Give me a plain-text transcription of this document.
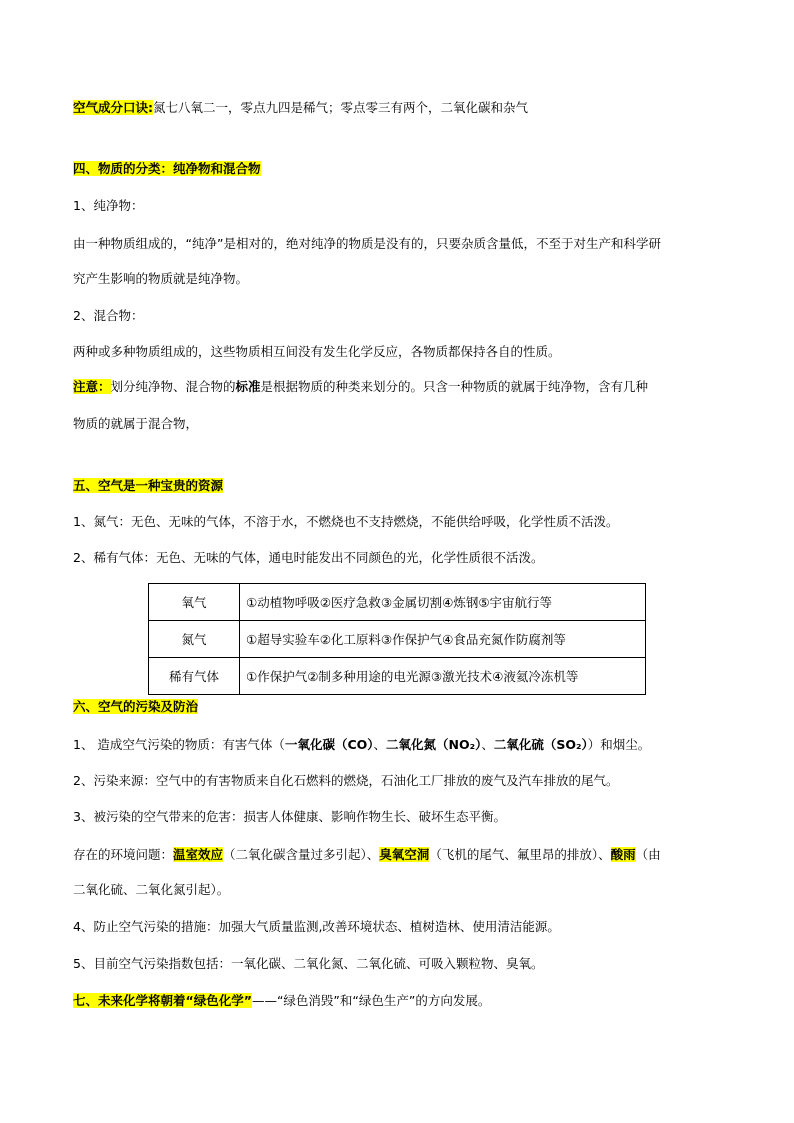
空气成分口诀:氮七八氧二一，零点九四是稀气；零点零三有两个，二氧化碳和杂气
四、物质的分类：纯净物和混合物
1、纯净物：
由一种物质组成的，“纯净”是相对的，绝对纯净的物质是没有的，只要杂质含量低，不至于对生产和科学研
究产生影响的物质就是纯净物。
2、混合物：
两种或多种物质组成的，这些物质相互间没有发生化学反应，各物质都保持各自的性质。
注意：划分纯净物、混合物的标准是根据物质的种类来划分的。只含一种物质的就属于纯净物，含有几种
物质的就属于混合物，
五、空气是一种宝贵的资源
1、氮气：无色、无味的气体，不溶于水，不燃烧也不支持燃烧，不能供给呼吸，化学性质不活泼。
2、稀有气体：无色、无味的气体，通电时能发出不同颜色的光，化学性质很不活泼。
氧气	①动植物呼吸②医疗急救③金属切割④炼钢⑤宇宙航行等
氮气	①超导实验车②化工原料③作保护气④食品充氮作防腐剂等
稀有气体	①作保护气②制多种用途的电光源③激光技术④液氦冷冻机等
六、空气的污染及防治
1、 造成空气污染的物质：有害气体（一氧化碳（CO）、二氧化氮（NO₂）、二氧化硫（SO₂））和烟尘。
2、污染来源：空气中的有害物质来自化石燃料的燃烧，石油化工厂排放的废气及汽车排放的尾气。
3、被污染的空气带来的危害：损害人体健康、影响作物生长、破坏生态平衡。
存在的环境问题：温室效应（二氧化碳含量过多引起）、臭氧空洞（飞机的尾气、氟里昂的排放）、酸雨（由
二氧化硫、二氧化氮引起）。
4、防止空气污染的措施：加强大气质量监测,改善环境状态、植树造林、使用清洁能源。
5、目前空气污染指数包括：一氧化碳、二氧化氮、二氧化硫、可吸入颗粒物、臭氧。
七、未来化学将朝着“绿色化学”——“绿色消毁”和“绿色生产”的方向发展。
